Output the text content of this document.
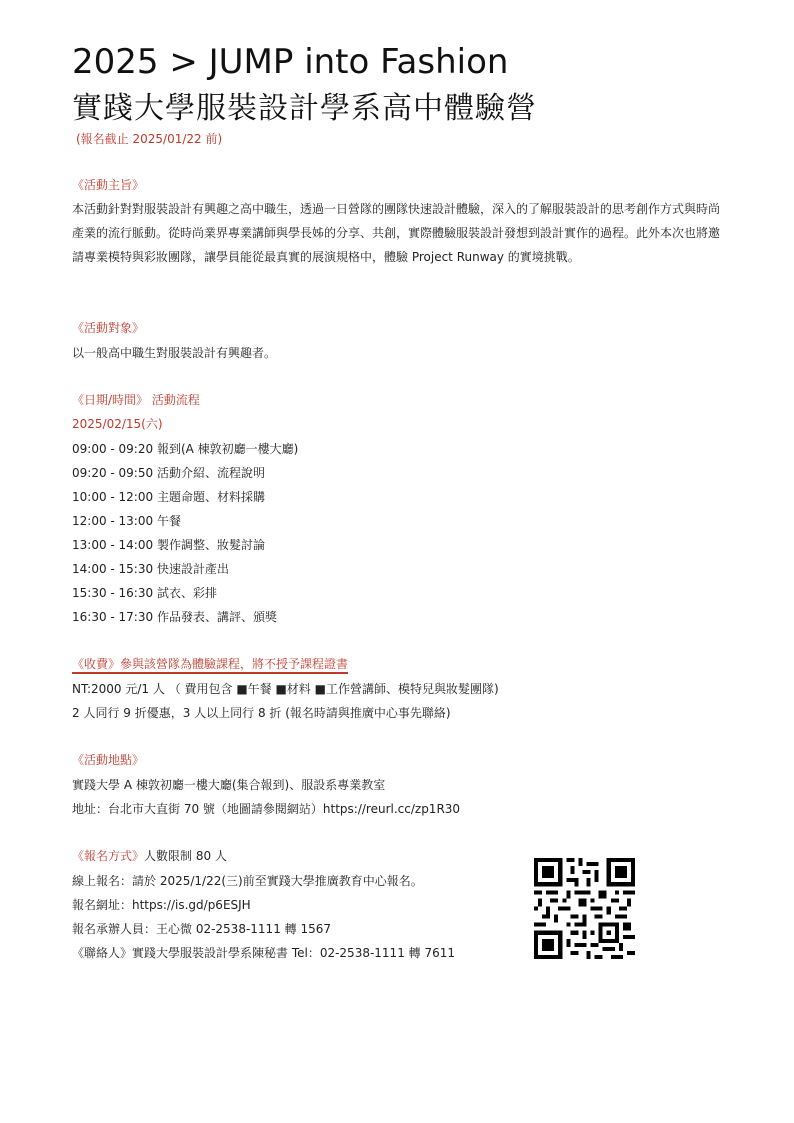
2025 > JUMP into Fashion
實踐大學服裝設計學系高中體驗營
(報名截止 2025/01/22 前)
《活動主旨》
本活動針對對服裝設計有興趣之高中職生，透過一日營隊的團隊快速設計體驗，深入的了解服裝設計的思考創作方式與時尚產業的流行脈動。從時尚業界專業講師與學長姊的分享、共創，實際體驗服裝設計發想到設計實作的過程。此外本次也將邀請專業模特與彩妝團隊，讓學員能從最真實的展演規格中，體驗 Project Runway 的實境挑戰。
《活動對象》
以一般高中職生對服裝設計有興趣者。
《日期/時間》 活動流程
2025/02/15(六)
09:00 - 09:20 報到(A 棟敦初廳一樓大廳)
09:20 - 09:50 活動介紹、流程說明
10:00 - 12:00 主題命題、材料採購
12:00 - 13:00 午餐
13:00 - 14:00 製作調整、妝髮討論
14:00 - 15:30 快速設計產出
15:30 - 16:30 試衣、彩排
16:30 - 17:30 作品發表、講評、頒獎
《收費》參與該營隊為體驗課程，將不授予課程證書
NT:2000 元/1 人 （ 費用包含 ■午餐 ■材料 ■工作營講師、模特兒與妝髮團隊)
2 人同行 9 折優惠，3 人以上同行 8 折 (報名時請與推廣中心事先聯絡)
《活動地點》
實踐大學 A 棟敦初廳一樓大廳(集合報到)、服設系專業教室
地址：台北市大直街 70 號（地圖請參閱網站）https://reurl.cc/zp1R30
《報名方式》人數限制 80 人
線上報名：請於 2025/1/22(三)前至實踐大學推廣教育中心報名。
報名網址：https://is.gd/p6ESJH
報名承辦人員：王心微 02-2538-1111 轉 1567
《聯絡人》實踐大學服裝設計學系陳秘書 Tel：02-2538-1111 轉 7611
